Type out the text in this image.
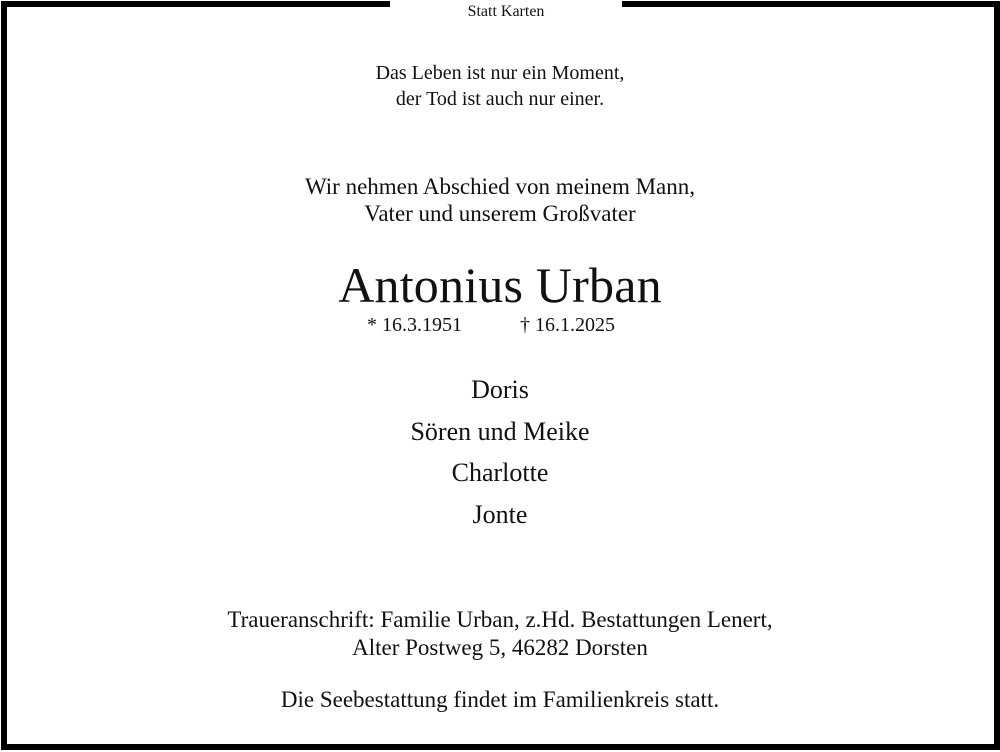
Statt Karten
Das Leben ist nur ein Moment,
der Tod ist auch nur einer.
Wir nehmen Abschied von meinem Mann,
Vater und unserem Großvater
Antonius Urban
* 16.3.1951	† 16.1.2025
Doris
Sören und Meike
Charlotte
Jonte
Traueranschrift: Familie Urban, z.Hd. Bestattungen Lenert,
Alter Postweg 5, 46282 Dorsten
Die Seebestattung findet im Familienkreis statt.
